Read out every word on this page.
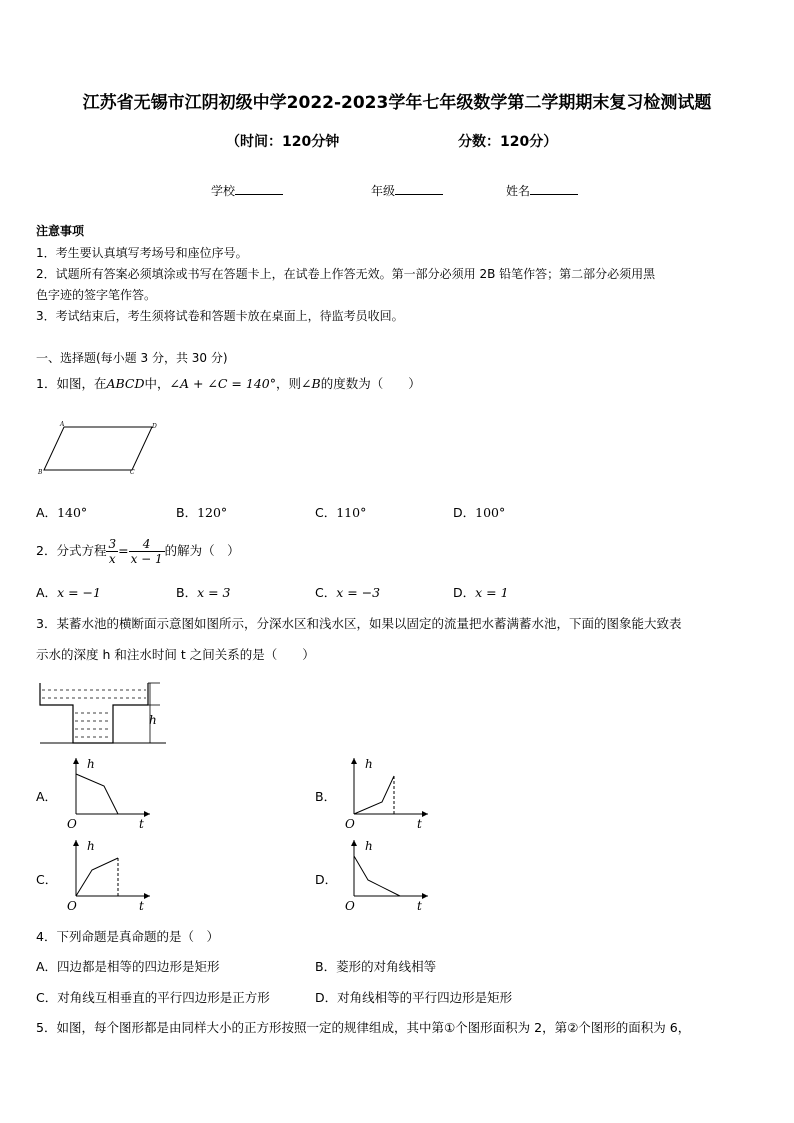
江苏省无锡市江阴初级中学2022-2023学年七年级数学第二学期期末复习检测试题
（时间：120分钟	分数：120分）
学校	年级	姓名
注意事项
1．考生要认真填写考场号和座位序号。
2．试题所有答案必须填涂或书写在答题卡上，在试卷上作答无效。第一部分必须用 2B 铅笔作答；第二部分必须用黑
色字迹的签字笔作答。
3．考试结束后，考生须将试卷和答题卡放在桌面上，待监考员收回。
一、选择题(每小题 3 分，共 30 分)
1．如图，在ABCD中，∠A + ∠C = 140°，则∠B的度数为（　　）
A	D
B	C
A．140°	B．120°	C．110°	D．100°
2．分式方程 $\frac{3}{x} = \frac{4}{x - 1}$ 的解为（　）
A．x = −1	B．x = 3	C．x = −3	D．x = 1
3．某蓄水池的横断面示意图如图所示，分深水区和浅水区，如果以固定的流量把水蓄满蓄水池，下面的图象能大致表
示水的深度 h 和注水时间 t 之间关系的是（　　）
h
A．
h
O	t
B．
h
O	t
C．
h
O	t
D．
h
O	t
4．下列命题是真命题的是（　）
A．四边都是相等的四边形是矩形	B．菱形的对角线相等
C．对角线互相垂直的平行四边形是正方形	D．对角线相等的平行四边形是矩形
5．如图，每个图形都是由同样大小的正方形按照一定的规律组成，其中第①个图形面积为 2，第②个图形的面积为 6，
